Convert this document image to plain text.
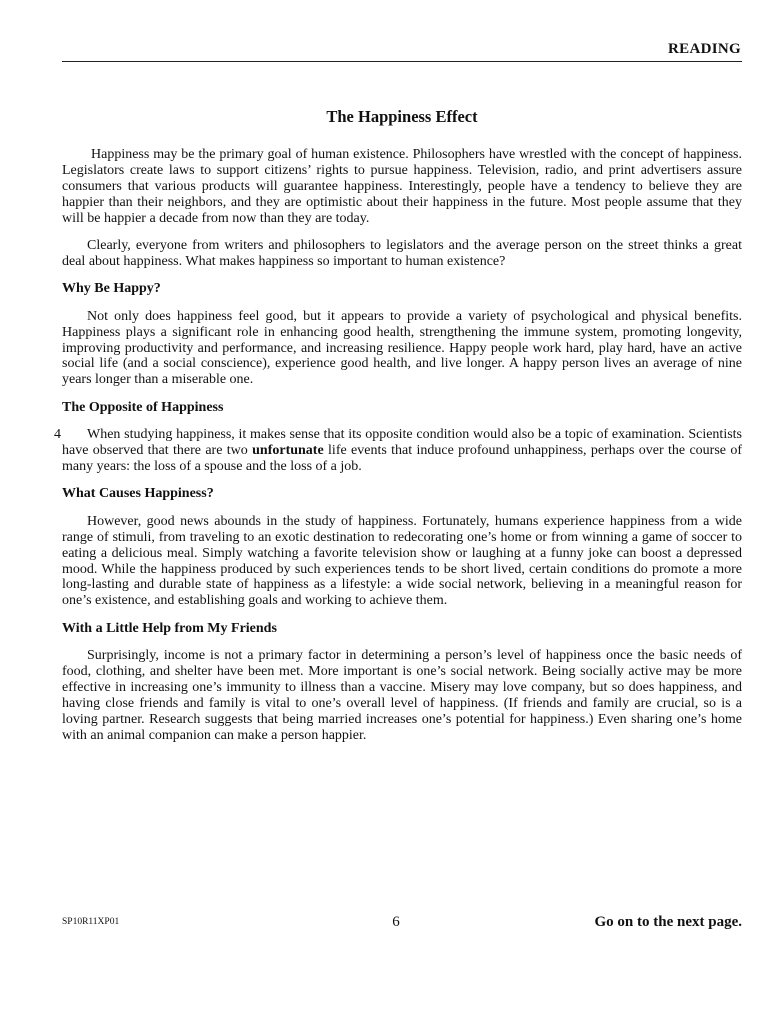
READING
The Happiness Effect

Happiness may be the primary goal of human existence. Philosophers have wrestled with the concept of happiness. Legislators create laws to support citizens’ rights to pursue happiness. Television, radio, and print advertisers assure consumers that various products will guarantee happiness. Interestingly, people have a tendency to believe they are happier than their neighbors, and they are optimistic about their happiness in the future. Most people assume that they will be happier a decade from now than they are today.

Clearly, everyone from writers and philosophers to legislators and the average person on the street thinks a great deal about happiness. What makes happiness so important to human existence?

Why Be Happy?

Not only does happiness feel good, but it appears to provide a variety of psychological and physical benefits. Happiness plays a significant role in enhancing good health, strengthening the immune system, promoting longevity, improving productivity and performance, and increasing resilience. Happy people work hard, play hard, have an active social life (and a social conscience), experience good health, and live longer. A happy person lives an average of nine years longer than a miserable one.

The Opposite of Happiness

4 When studying happiness, it makes sense that its opposite condition would also be a topic of examination. Scientists have observed that there are two unfortunate life events that induce profound unhappiness, perhaps over the course of many years: the loss of a spouse and the loss of a job.

What Causes Happiness?

However, good news abounds in the study of happiness. Fortunately, humans experience happiness from a wide range of stimuli, from traveling to an exotic destination to redecorating one’s home or from winning a game of soccer to eating a delicious meal. Simply watching a favorite television show or laughing at a funny joke can boost a depressed mood. While the happiness produced by such experiences tends to be short lived, certain conditions do promote a more long-lasting and durable state of happiness as a lifestyle: a wide social network, believing in a meaningful reason for one’s existence, and establishing goals and working to achieve them.

With a Little Help from My Friends

Surprisingly, income is not a primary factor in determining a person’s level of happiness once the basic needs of food, clothing, and shelter have been met. More important is one’s social network. Being socially active may be more effective in increasing one’s immunity to illness than a vaccine. Misery may love company, but so does happiness, and having close friends and family is vital to one’s overall level of happiness. (If friends and family are crucial, so is a loving partner. Research suggests that being married increases one’s potential for happiness.) Even sharing one’s home with an animal companion can make a person happier.

SP10R11XP01	6	Go on to the next page.
